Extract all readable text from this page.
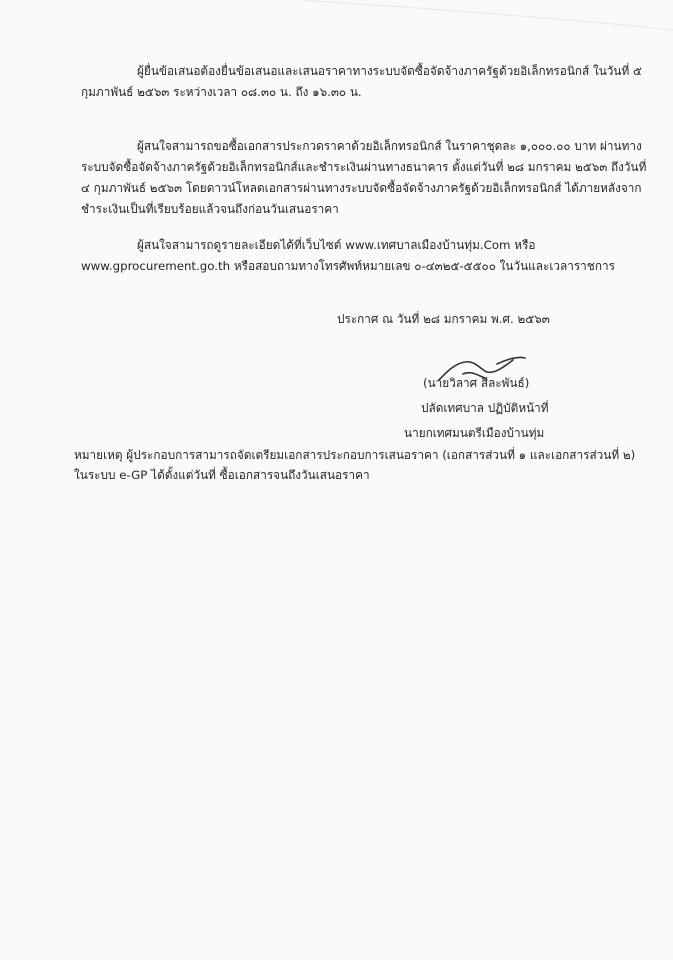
ผู้ยื่นข้อเสนอต้องยื่นข้อเสนอและเสนอราคาทางระบบจัดซื้อจัดจ้างภาครัฐด้วยอิเล็กทรอนิกส์ ในวันที่ ๕
กุมภาพันธ์ ๒๕๖๓ ระหว่างเวลา ๐๘.๓๐ น. ถึง ๑๖.๓๐ น.
ผู้สนใจสามารถขอซื้อเอกสารประกวดราคาด้วยอิเล็กทรอนิกส์ ในราคาชุดละ ๑,๐๐๐.๐๐ บาท ผ่านทาง
ระบบจัดซื้อจัดจ้างภาครัฐด้วยอิเล็กทรอนิกส์และชำระเงินผ่านทางธนาคาร ตั้งแต่วันที่ ๒๘ มกราคม ๒๕๖๓ ถึงวันที่
๔ กุมภาพันธ์ ๒๕๖๓ โดยดาวน์โหลดเอกสารผ่านทางระบบจัดซื้อจัดจ้างภาครัฐด้วยอิเล็กทรอนิกส์ ได้ภายหลังจาก
ชำระเงินเป็นที่เรียบร้อยแล้วจนถึงก่อนวันเสนอราคา
ผู้สนใจสามารถดูรายละเอียดได้ที่เว็บไซต์ www.เทศบาลเมืองบ้านทุ่ม.Com หรือ
www.gprocurement.go.th หรือสอบถามทางโทรศัพท์หมายเลข ๐-๔๓๒๕-๕๕๐๐ ในวันและเวลาราชการ
ประกาศ ณ วันที่ ๒๘ มกราคม พ.ศ. ๒๕๖๓
(นายวิลาศ สีละพันธ์)
ปลัดเทศบาล ปฏิบัติหน้าที่
นายกเทศมนตรีเมืองบ้านทุ่ม
หมายเหตุ ผู้ประกอบการสามารถจัดเตรียมเอกสารประกอบการเสนอราคา (เอกสารส่วนที่ ๑ และเอกสารส่วนที่ ๒)
ในระบบ e-GP ได้ตั้งแต่วันที่ ซื้อเอกสารจนถึงวันเสนอราคา
